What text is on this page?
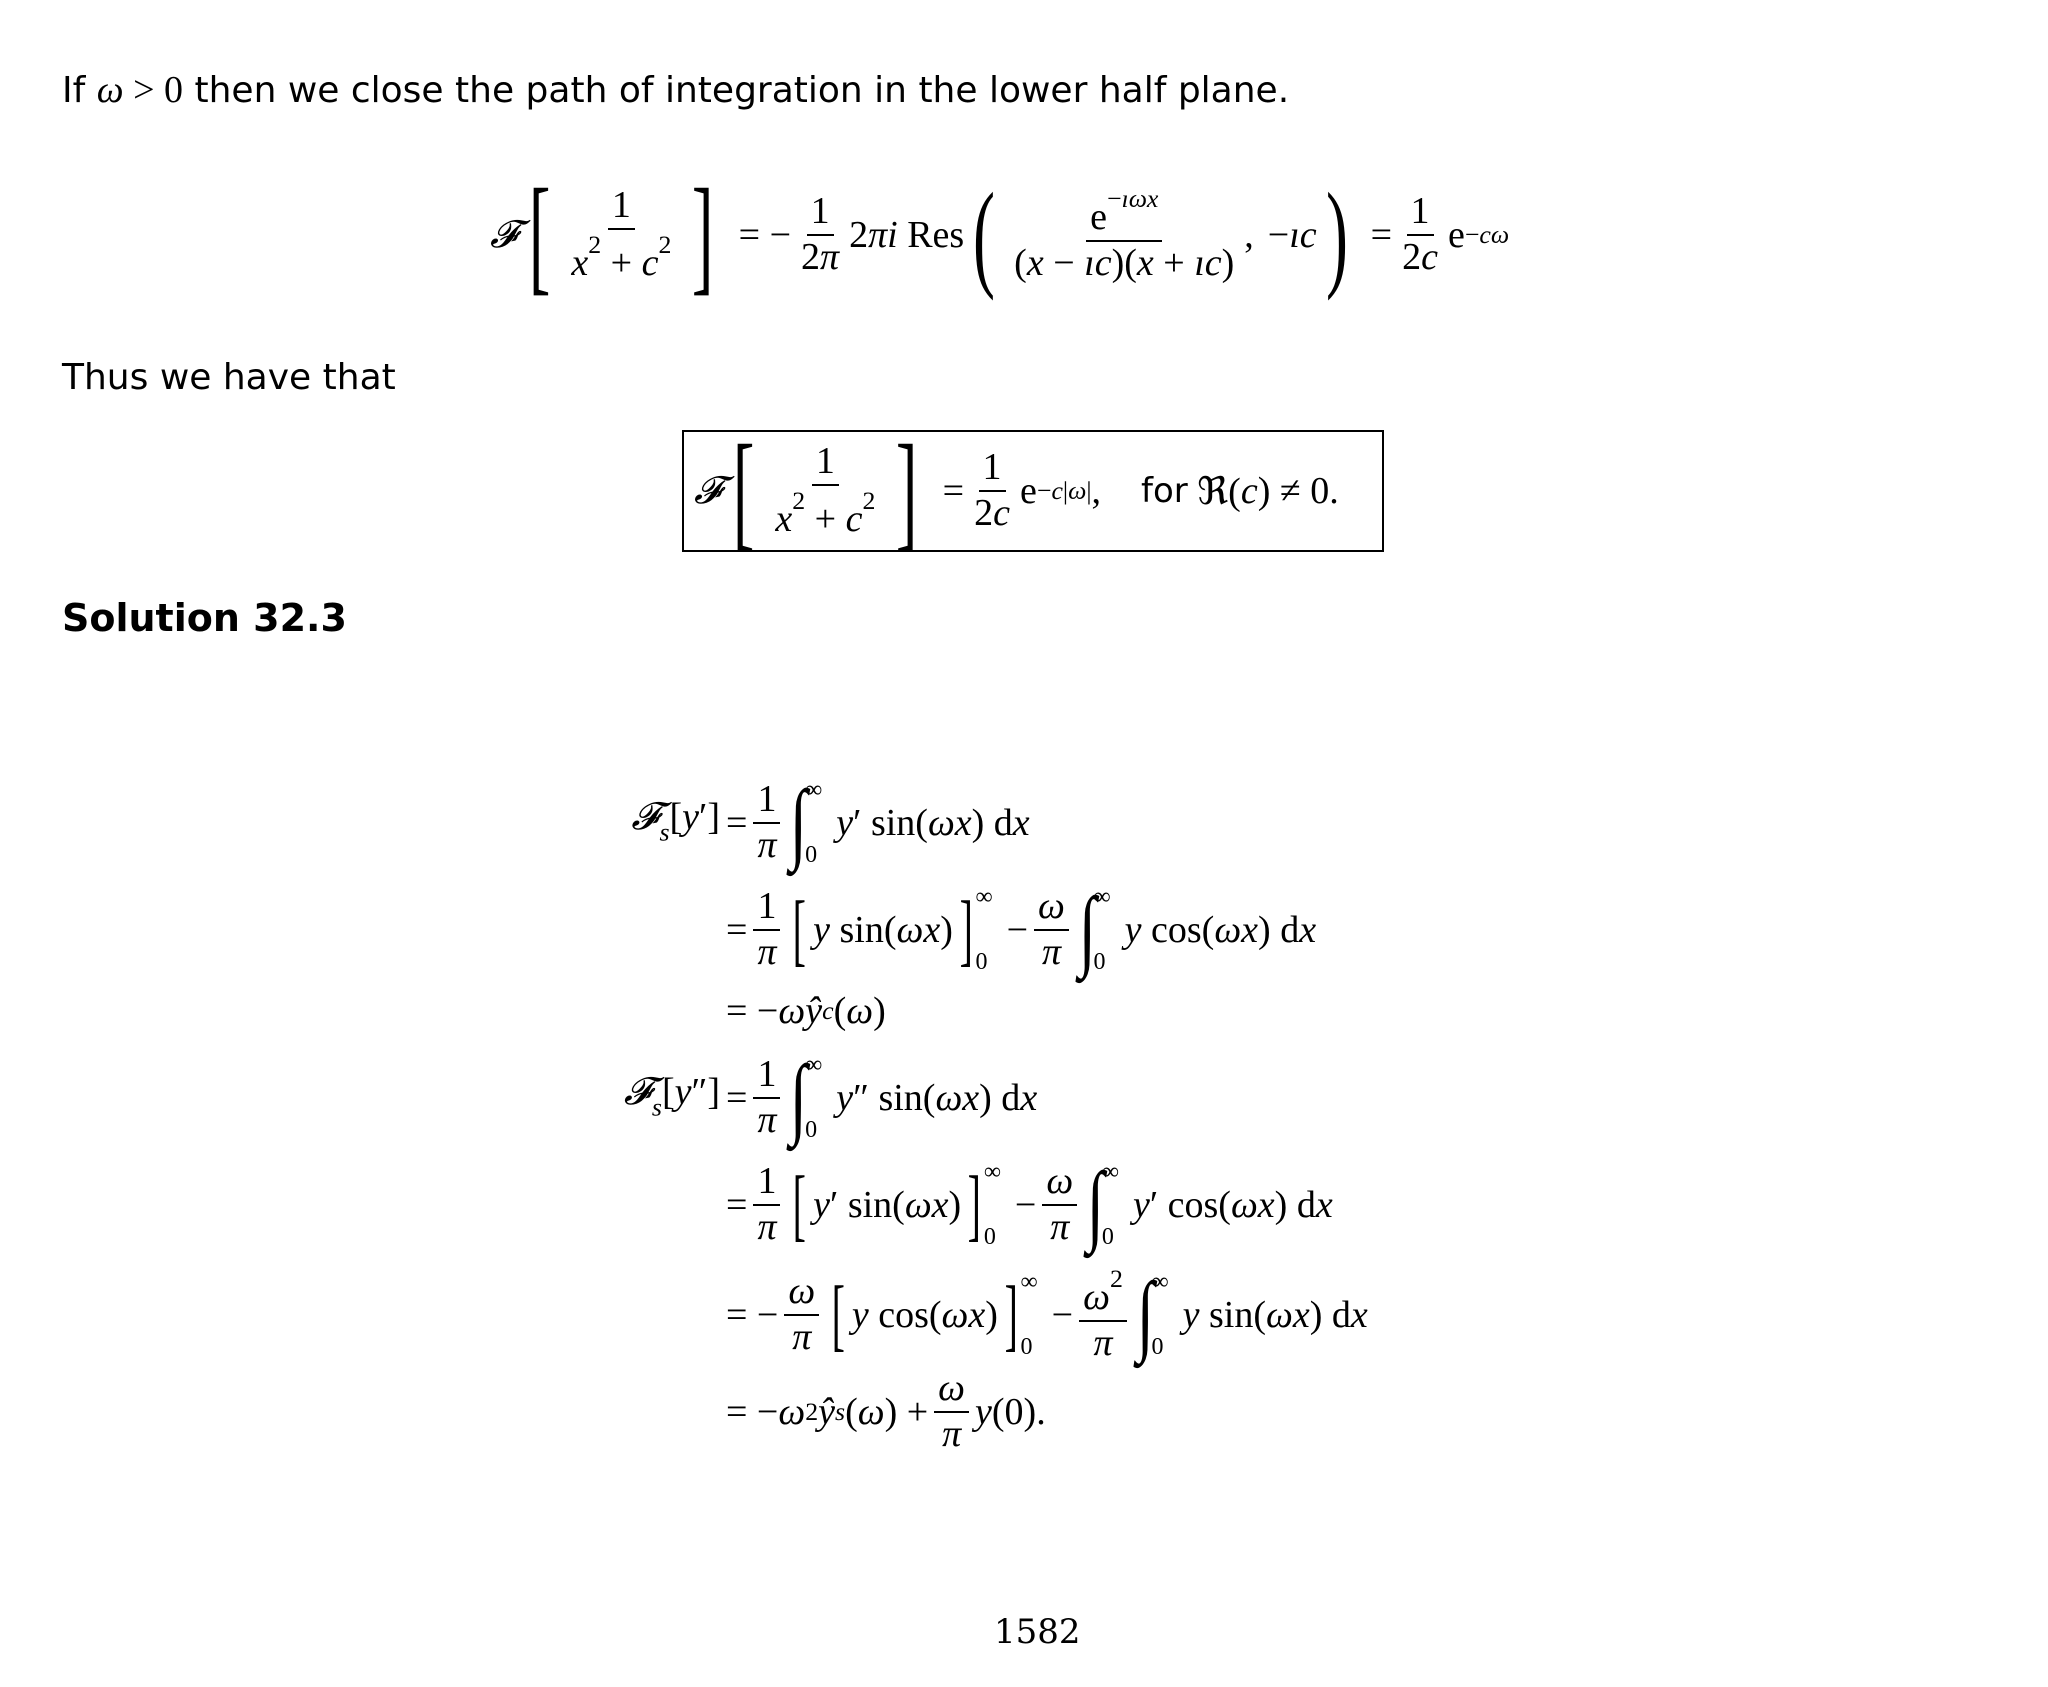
If ω > 0 then we close the path of integration in the lower half plane.
𝓕 [ $\frac{1}{x^2 + c^2}$ ] = − $\frac{1}{2\pi} 2$ πi Res ( $\frac{e^{-ı\omega x}}{(x - ıc)(x + ıc)}$ ,
− ıc ) = $\frac{1}{2c}$ e −cω
Thus we have that
𝓕 [ $\frac{1}{x^2 + c^2}$ ] = $\frac{1}{2c}$ e −c|ω| , for ℜ( c ) ≠ 0.
Solution 32.3
𝓕$_s$[y′] = $\frac{1}{\pi}$ ∫
∞
0
y ′ sin( ωx ) d x
= $\frac{1}{\pi}$ [ y sin( ωx ) ] ∞
0
− $\frac{\omega}{\pi}$ ∫
∞
0
y cos( ωx ) d x
= − ω ŷ c ( ω )
𝓕$_s$[y″] = $\frac{1}{\pi}$ ∫
∞
0
y ″ sin( ωx ) d x
= $\frac{1}{\pi}$ [ y ′ sin( ωx ) ] ∞
0
− $\frac{\omega}{\pi}$ ∫
∞
0
y ′ cos( ωx ) d x
= − $\frac{\omega}{\pi}$ [ y cos( ωx ) ] ∞
0
− $\frac{\omega^2}{\pi}$ ∫
∞
0
y sin( ωx ) d x
= − ω 2 ŷ s ( ω ) + $\frac{\omega}{\pi}$ y (0).
1582
